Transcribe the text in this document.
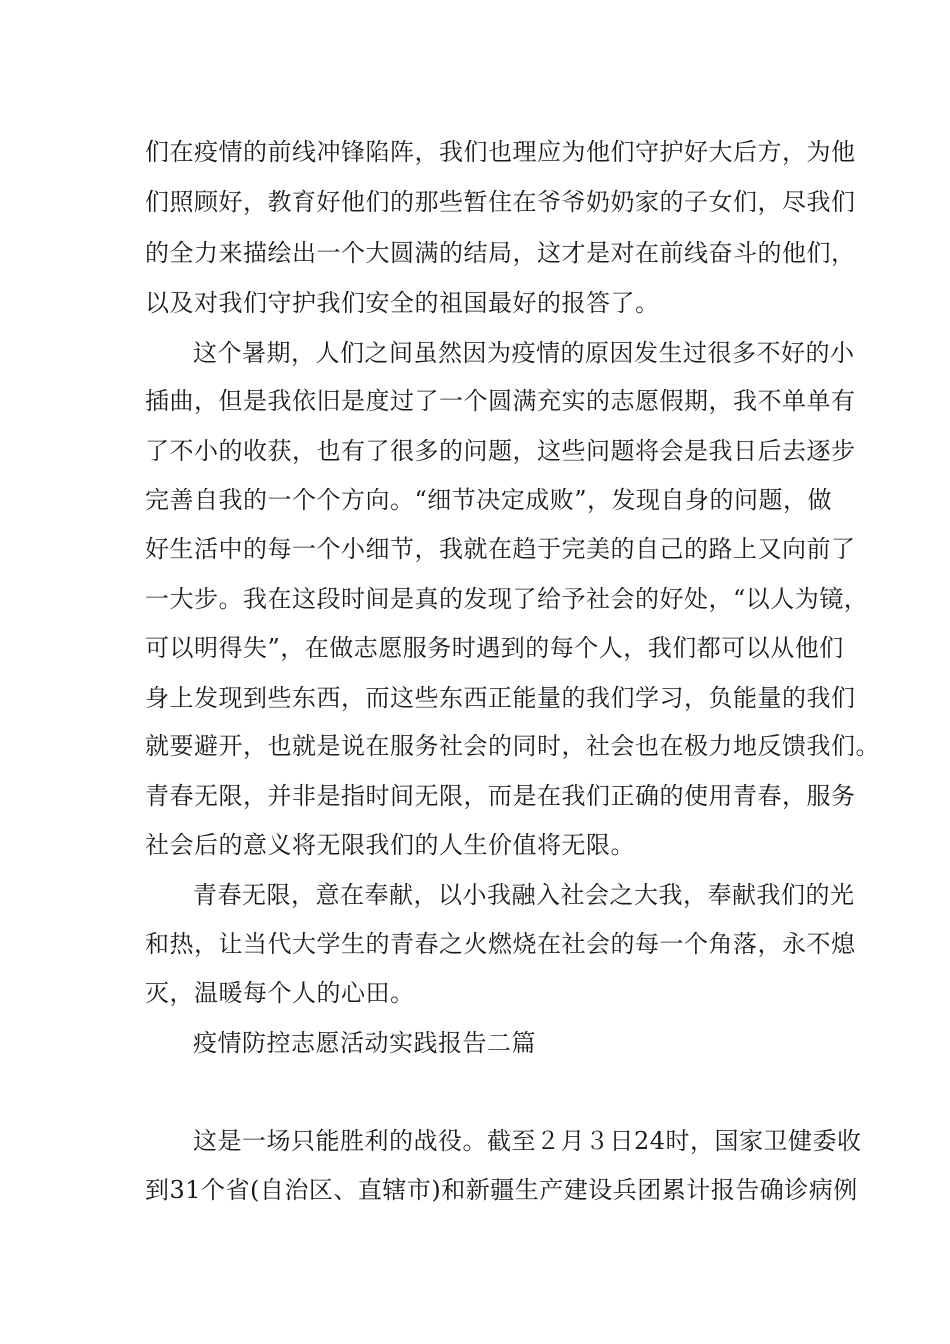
们在疫情的前线冲锋陷阵，我们也理应为他们守护好大后方，为他
们照顾好，教育好他们的那些暂住在爷爷奶奶家的子女们，尽我们
的全力来描绘出一个大圆满的结局，这才是对在前线奋斗的他们，
以及对我们守护我们安全的祖国最好的报答了。
这个暑期，人们之间虽然因为疫情的原因发生过很多不好的小
插曲，但是我依旧是度过了一个圆满充实的志愿假期，我不单单有
了不小的收获，也有了很多的问题，这些问题将会是我日后去逐步
完善自我的一个个方向。“细节决定成败”，发现自身的问题，做
好生活中的每一个小细节，我就在趋于完美的自己的路上又向前了
一大步。我在这段时间是真的发现了给予社会的好处，“以人为镜，
可以明得失”，在做志愿服务时遇到的每个人，我们都可以从他们
身上发现到些东西，而这些东西正能量的我们学习，负能量的我们
就要避开，也就是说在服务社会的同时，社会也在极力地反馈我们。
青春无限，并非是指时间无限，而是在我们正确的使用青春，服务
社会后的意义将无限我们的人生价值将无限。
青春无限，意在奉献，以小我融入社会之大我，奉献我们的光
和热，让当代大学生的青春之火燃烧在社会的每一个角落，永不熄
灭，温暖每个人的心田。
疫情防控志愿活动实践报告二篇
这是一场只能胜利的战役。截至２月３日24时，国家卫健委收
到31个省(自治区、直辖市)和新疆生产建设兵团累计报告确诊病例
